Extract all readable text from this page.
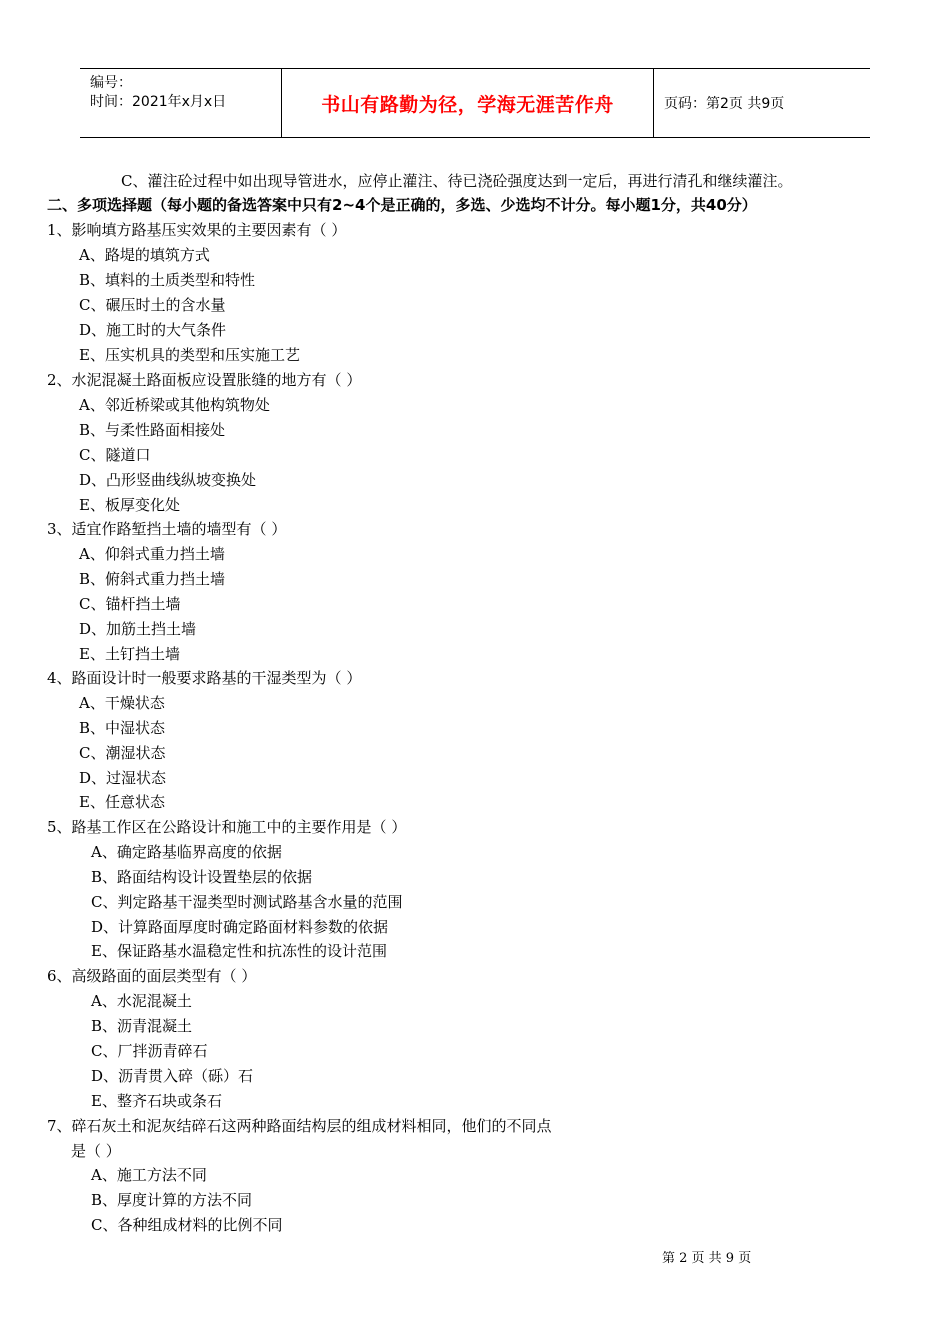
编号：
时间：2021年x月x日	书山有路勤为径，学海无涯苦作舟	页码：第2页 共9页
C、灌注砼过程中如出现导管进水，应停止灌注、待已浇砼强度达到一定后，再进行清孔和继续灌注。
二、多项选择题（每小题的备选答案中只有2~4个是正确的，多选、少选均不计分。每小题1分，共40分）
1、影响填方路基压实效果的主要因素有（ ）
A、路堤的填筑方式
B、填料的土质类型和特性
C、碾压时土的含水量
D、施工时的大气条件
E、压实机具的类型和压实施工艺
2、水泥混凝土路面板应设置胀缝的地方有（ ）
A、邻近桥梁或其他构筑物处
B、与柔性路面相接处
C、隧道口
D、凸形竖曲线纵坡变换处
E、板厚变化处
3、适宜作路堑挡土墙的墙型有（ ）
A、仰斜式重力挡土墙
B、俯斜式重力挡土墙
C、锚杆挡土墙
D、加筋土挡土墙
E、土钉挡土墙
4、路面设计时一般要求路基的干湿类型为（ ）
A、干燥状态
B、中湿状态
C、潮湿状态
D、过湿状态
E、任意状态
5、路基工作区在公路设计和施工中的主要作用是（ ）
A、确定路基临界高度的依据
B、路面结构设计设置垫层的依据
C、判定路基干湿类型时测试路基含水量的范围
D、计算路面厚度时确定路面材料参数的依据
E、保证路基水温稳定性和抗冻性的设计范围
6、高级路面的面层类型有（ ）
A、水泥混凝土
B、沥青混凝土
C、厂拌沥青碎石
D、沥青贯入碎（砾）石
E、整齐石块或条石
7、碎石灰土和泥灰结碎石这两种路面结构层的组成材料相同，他们的不同点
是（ ）
A、施工方法不同
B、厚度计算的方法不同
C、各种组成材料的比例不同
第 2 页 共 9 页
